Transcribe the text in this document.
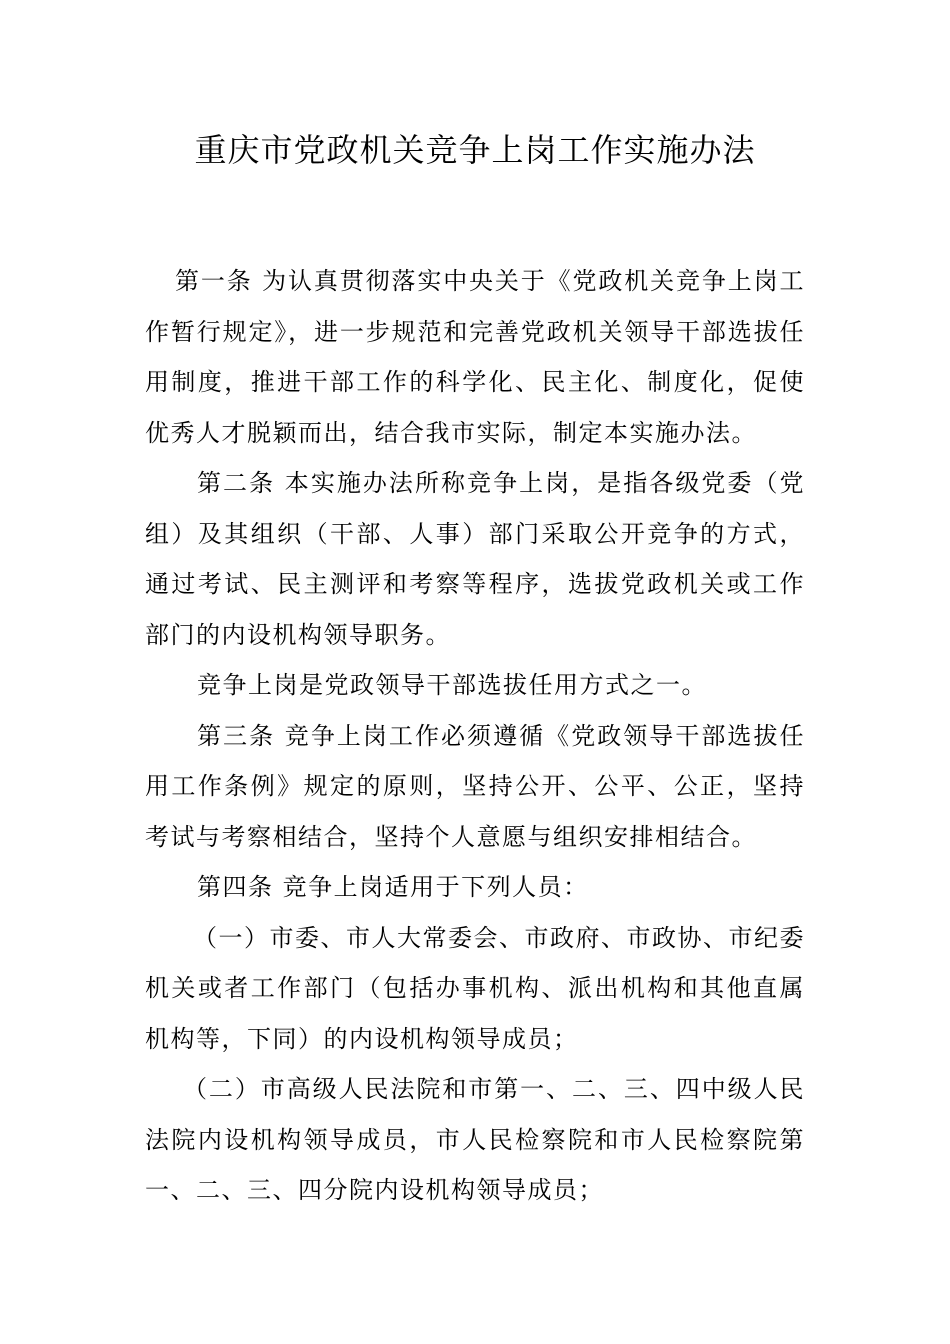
重庆市党政机关竞争上岗工作实施办法

第一条 为认真贯彻落实中央关于《党政机关竞争上岗工作暂行规定》，进一步规范和完善党政机关领导干部选拔任用制度，推进干部工作的科学化、民主化、制度化，促使优秀人才脱颖而出，结合我市实际，制定本实施办法。

第二条 本实施办法所称竞争上岗，是指各级党委（党组）及其组织（干部、人事）部门采取公开竞争的方式，通过考试、民主测评和考察等程序，选拔党政机关或工作部门的内设机构领导职务。

竞争上岗是党政领导干部选拔任用方式之一。

第三条 竞争上岗工作必须遵循《党政领导干部选拔任用工作条例》规定的原则，坚持公开、公平、公正，坚持考试与考察相结合，坚持个人意愿与组织安排相结合。

第四条 竞争上岗适用于下列人员：

（一）市委、市人大常委会、市政府、市政协、市纪委机关或者工作部门（包括办事机构、派出机构和其他直属机构等，下同）的内设机构领导成员；

（二）市高级人民法院和市第一、二、三、四中级人民法院内设机构领导成员，市人民检察院和市人民检察院第一、二、三、四分院内设机构领导成员；
